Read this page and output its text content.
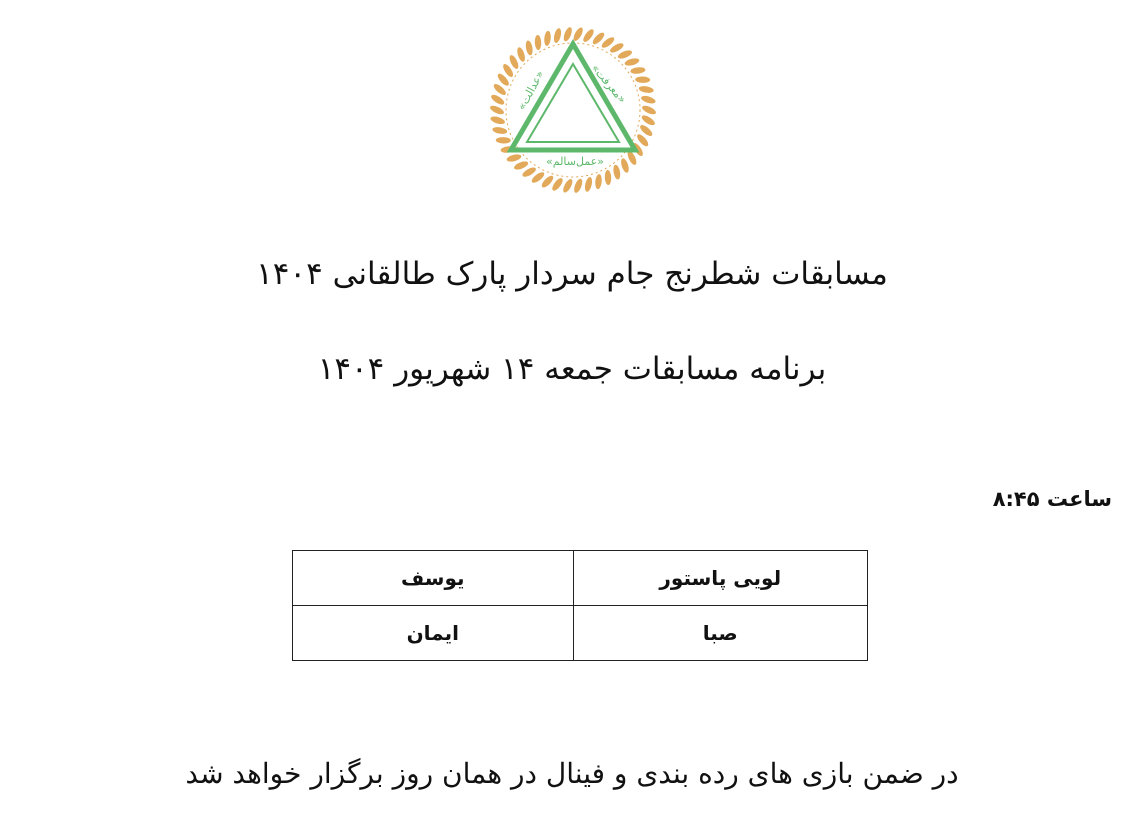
«معرفت»
«عدالت»
«عمل‌سالم»
مسابقات شطرنج جام سردار پارک طالقانی ۱۴۰۴
برنامه مسابقات جمعه ۱۴ شهریور ۱۴۰۴
ساعت ۸:۴۵
لویی پاستور	یوسف
صبا	ایمان
در ضمن بازی های رده بندی و فینال در همان روز برگزار خواهد شد
